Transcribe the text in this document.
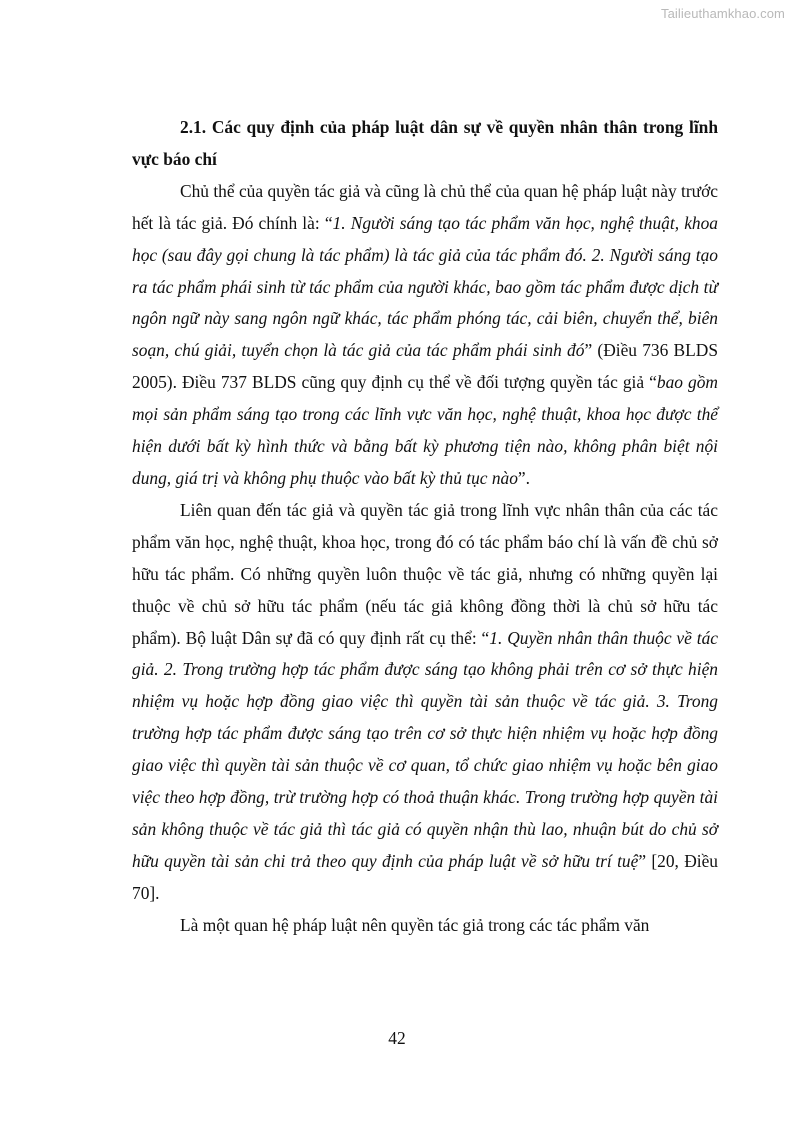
Tailieuthamkhao.com

2.1. Các quy định của pháp luật dân sự về quyền nhân thân trong lĩnh vực báo chí

Chủ thể của quyền tác giả và cũng là chủ thể của quan hệ pháp luật này trước hết là tác giả. Đó chính là: “1. Người sáng tạo tác phẩm văn học, nghệ thuật, khoa học (sau đây gọi chung là tác phẩm) là tác giả của tác phẩm đó. 2. Người sáng tạo ra tác phẩm phái sinh từ tác phẩm của người khác, bao gồm tác phẩm được dịch từ ngôn ngữ này sang ngôn ngữ khác, tác phẩm phóng tác, cải biên, chuyển thể, biên soạn, chú giải, tuyển chọn là tác giả của tác phẩm phái sinh đó” (Điều 736 BLDS 2005). Điều 737 BLDS cũng quy định cụ thể về đối tượng quyền tác giả “bao gồm mọi sản phẩm sáng tạo trong các lĩnh vực văn học, nghệ thuật, khoa học được thể hiện dưới bất kỳ hình thức và bằng bất kỳ phương tiện nào, không phân biệt nội dung, giá trị và không phụ thuộc vào bất kỳ thủ tục nào”.

Liên quan đến tác giả và quyền tác giả trong lĩnh vực nhân thân của các tác phẩm văn học, nghệ thuật, khoa học, trong đó có tác phẩm báo chí là vấn đề chủ sở hữu tác phẩm. Có những quyền luôn thuộc về tác giả, nhưng có những quyền lại thuộc về chủ sở hữu tác phẩm (nếu tác giả không đồng thời là chủ sở hữu tác phẩm). Bộ luật Dân sự đã có quy định rất cụ thể: “1. Quyền nhân thân thuộc về tác giả. 2. Trong trường hợp tác phẩm được sáng tạo không phải trên cơ sở thực hiện nhiệm vụ hoặc hợp đồng giao việc thì quyền tài sản thuộc về tác giả. 3. Trong trường hợp tác phẩm được sáng tạo trên cơ sở thực hiện nhiệm vụ hoặc hợp đồng giao việc thì quyền tài sản thuộc về cơ quan, tổ chức giao nhiệm vụ hoặc bên giao việc theo hợp đồng, trừ trường hợp có thoả thuận khác. Trong trường hợp quyền tài sản không thuộc về tác giả thì tác giả có quyền nhận thù lao, nhuận bút do chủ sở hữu quyền tài sản chi trả theo quy định của pháp luật về sở hữu trí tuệ” [20, Điều 70].

Là một quan hệ pháp luật nên quyền tác giả trong các tác phẩm văn

42
